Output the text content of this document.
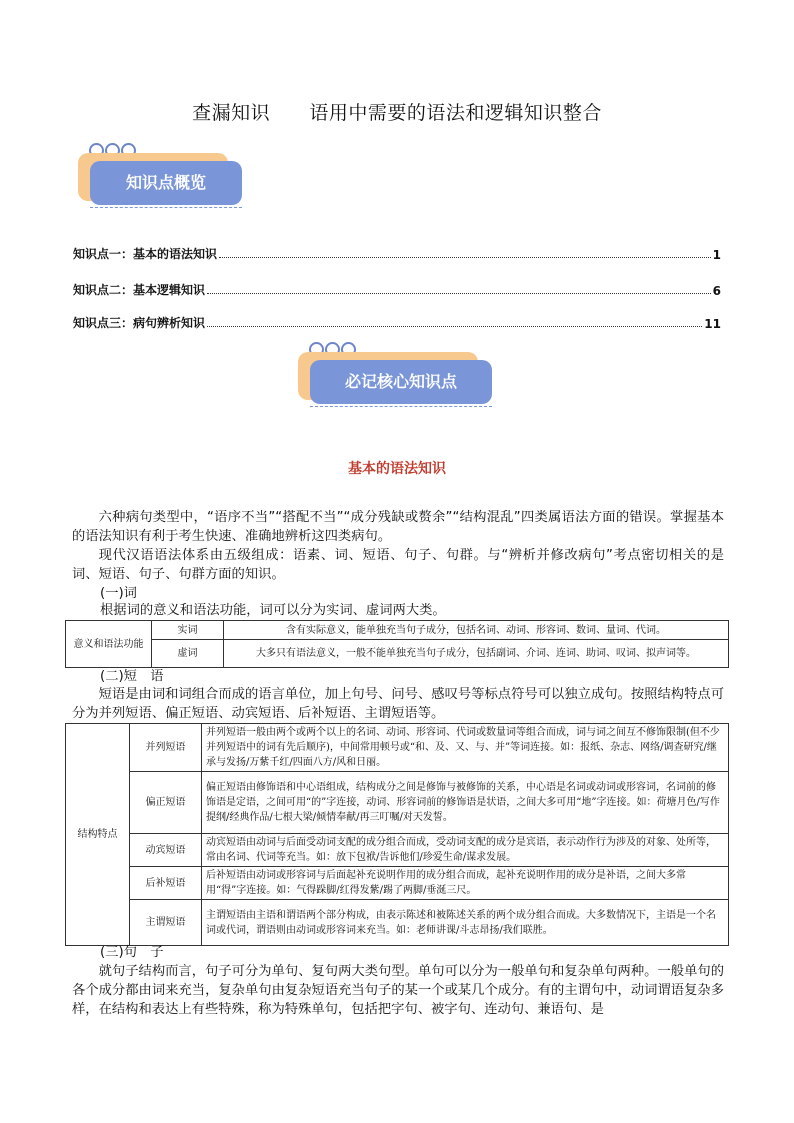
查漏知识      语用中需要的语法和逻辑知识整合
知识点概览
知识点一：基本的语法知识	1
知识点二：基本逻辑知识	6
知识点三：病句辨析知识	11
必记核心知识点
基本的语法知识

六种病句类型中，“语序不当”“搭配不当”“成分残缺或赘余”“结构混乱”四类属语法方面的错误。掌握基本的语法知识有利于考生快速、准确地辨析这四类病句。

现代汉语语法体系由五级组成：语素、词、短语、句子、句群。与“辨析并修改病句”考点密切相关的是词、短语、句子、句群方面的知识。

(一)词
根据词的意义和语法功能，词可以分为实词、虚词两大类。
意义和语法功能	实词	含有实际意义，能单独充当句子成分，包括名词、动词、形容词、数词、量词、代词。
	虚词	大多只有语法意义，一般不能单独充当句子成分，包括副词、介词、连词、助词、叹词、拟声词等。
(二)短　语

短语是由词和词组合而成的语言单位，加上句号、问号、感叹号等标点符号可以独立成句。按照结构特点可分为并列短语、偏正短语、动宾短语、后补短语、主谓短语等。

结构特点	并列短语	并列短语一般由两个或两个以上的名词、动词、形容词、代词或数量词等组合而成，词与词之间互不修饰限制(但不少并列短语中的词有先后顺序)，中间常用顿号或“和、及、又、与、并”等词连接。如：报纸、杂志、网络/调查研究/继承与发扬/万紫千红/四面八方/风和日丽。
	偏正短语	偏正短语由修饰语和中心语组成，结构成分之间是修饰与被修饰的关系，中心语是名词或动词或形容词，名词前的修饰语是定语，之间可用“的”字连接，动词、形容词前的修饰语是状语，之间大多可用“地”字连接。如：荷塘月色/写作提纲/经典作品/七根大梁/倾情奉献/再三叮嘱/对天发誓。
	动宾短语	动宾短语由动词与后面受动词支配的成分组合而成，受动词支配的成分是宾语，表示动作行为涉及的对象、处所等，常由名词、代词等充当。如：放下包袱/告诉他们/珍爱生命/谋求发展。
	后补短语	后补短语由动词或形容词与后面起补充说明作用的成分组合而成，起补充说明作用的成分是补语，之间大多常用“得”字连接。如：气得跺脚/红得发紫/踢了两脚/垂涎三尺。
	主谓短语	主谓短语由主语和谓语两个部分构成，由表示陈述和被陈述关系的两个成分组合而成。大多数情况下，主语是一个名词或代词，谓语则由动词或形容词来充当。如：老师讲课/斗志昂扬/我们联胜。
(三)句　子

就句子结构而言，句子可分为单句、复句两大类句型。单句可以分为一般单句和复杂单句两种。一般单句的各个成分都由词来充当，复杂单句由复杂短语充当句子的某一个或某几个成分。有的主谓句中，动词谓语复杂多样，在结构和表达上有些特殊，称为特殊单句，包括把字句、被字句、连动句、兼语句、是
